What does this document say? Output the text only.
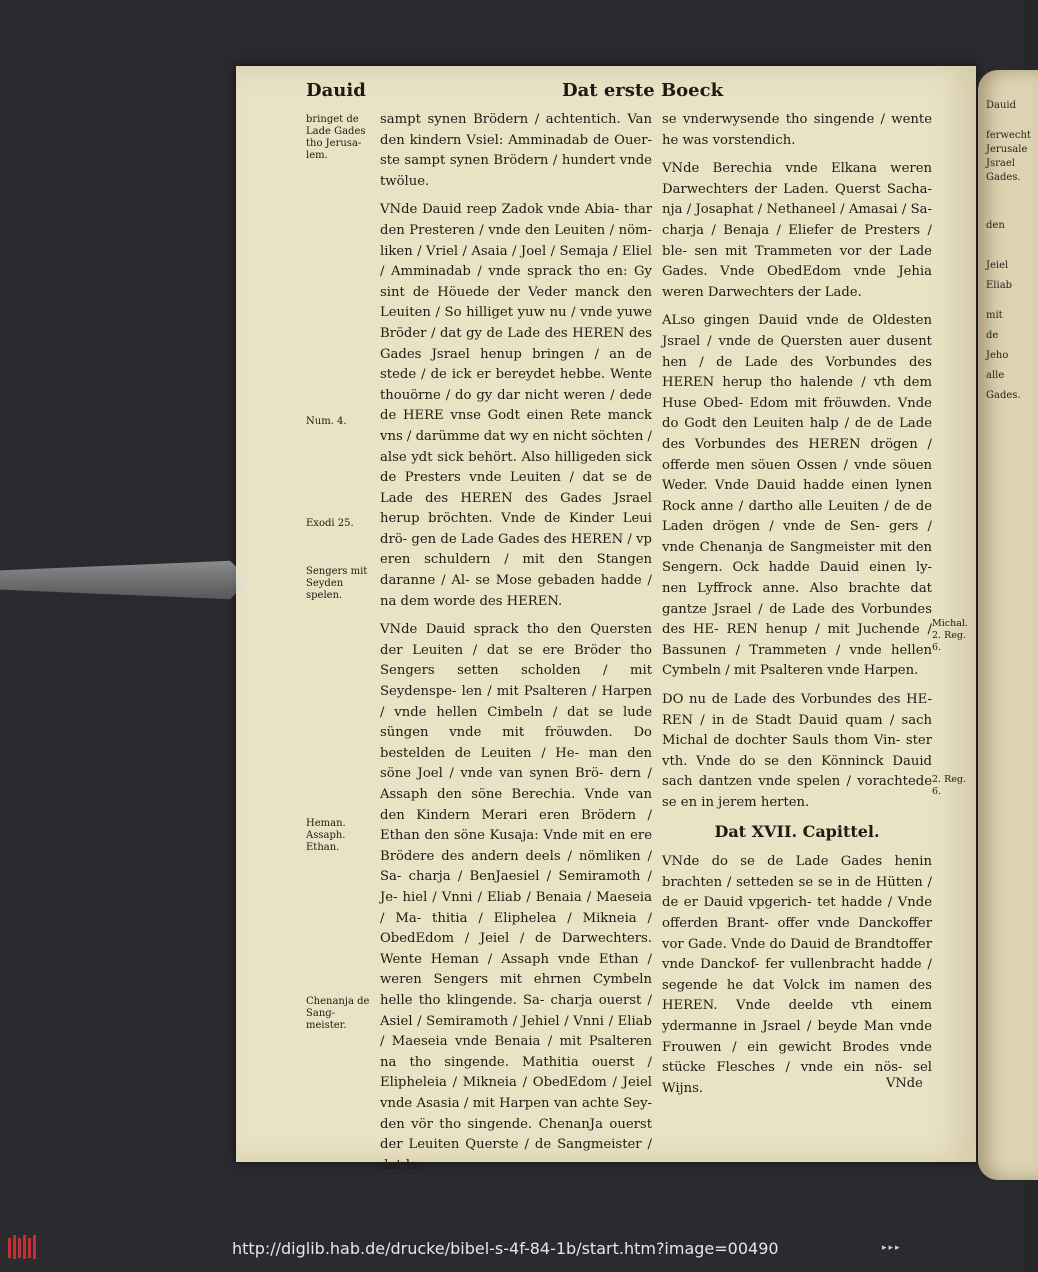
Dauid	Dat erste Boeck
bringet de Lade Gades tho Jerusa- lem.
Num. 4.
Exodi 25.
Sengers mit Seyden spelen.
Heman. Assaph. Ethan.
Chenanja de Sang- meister.

sampt synen Brödern / achtentich. Van den kindern Vsiel: Amminadab de Ouer- ste sampt synen Brödern / hundert vnde twölue.

VNde Dauid reep Zadok vnde Abia- thar den Presteren / vnde den Leuiten / nöm- liken / Vriel / Asaia / Joel / Semaja / Eliel / Amminadab / vnde sprack tho en: Gy sint de Höuede der Veder manck den Leuiten / So hilliget yuw nu / vnde yuwe Bröder / dat gy de Lade des HEREN des Gades Jsrael henup bringen / an de stede / de ick er bereydet hebbe. Wente thouörne / do gy dar nicht weren / dede de HERE vnse Godt einen Rete manck vns / darümme dat wy en nicht söchten / alse ydt sick behört. Also hilligeden sick de Presters vnde Leuiten / dat se de Lade des HEREN des Gades Jsrael herup bröchten. Vnde de Kinder Leui drö- gen de Lade Gades des HEREN / vp eren schuldern / mit den Stangen daranne / Al- se Mose gebaden hadde / na dem worde des HEREN.

VNde Dauid sprack tho den Quersten der Leuiten / dat se ere Bröder tho Sengers setten scholden / mit Seydenspe- len / mit Psalteren / Harpen / vnde hellen Cimbeln / dat se lude süngen vnde mit fröuwden. Do bestelden de Leuiten / He- man den söne Joel / vnde van synen Brö- dern / Assaph den söne Berechia. Vnde van den Kindern Merari eren Brödern / Ethan den söne Kusaja: Vnde mit en ere Brödere des andern deels / nömliken / Sa- charja / BenJaesiel / Semiramoth / Je- hiel / Vnni / Eliab / Benaia / Maeseia / Ma- thitia / Eliphelea / Mikneia / ObedEdom / Jeiel / de Darwechters. Wente Heman / Assaph vnde Ethan / weren Sengers mit ehrnen Cymbeln helle tho klingende. Sa- charja ouerst / Asiel / Semiramoth / Jehiel / Vnni / Eliab / Maeseia vnde Benaia / mit Psalteren na tho singende. Mathitia ouerst / Elipheleia / Mikneia / ObedEdom / Jeiel vnde Asasia / mit Harpen van achte Sey- den vör tho singende. ChenanJa ouerst der Leuiten Querste / de Sangmeister / dat he

se vnderwysende tho singende / wente he was vorstendich.

VNde Berechia vnde Elkana weren Darwechters der Laden. Querst Sacha- nja / Josaphat / Nethaneel / Amasai / Sa- charja / Benaja / Eliefer de Presters / ble- sen mit Trammeten vor der Lade Gades. Vnde ObedEdom vnde Jehia weren Darwechters der Lade.

ALso gingen Dauid vnde de Oldesten Jsrael / vnde de Quersten auer dusent hen / de Lade des Vorbundes des HEREN herup tho halende / vth dem Huse Obed- Edom mit fröuwden. Vnde do Godt den Leuiten halp / de de Lade des Vorbundes des HEREN drögen / offerde men söuen Ossen / vnde söuen Weder. Vnde Dauid hadde einen lynen Rock anne / dartho alle Leuiten / de de Laden drögen / vnde de Sen- gers / vnde Chenanja de Sangmeister mit den Sengern. Ock hadde Dauid einen ly- nen Lyffrock anne. Also brachte dat gantze Jsrael / de Lade des Vorbundes des HE- REN henup / mit Juchende / Bassunen / Trammeten / vnde hellen Cymbeln / mit Psalteren vnde Harpen.

DO nu de Lade des Vorbundes des HE- REN / in de Stadt Dauid quam / sach Michal de dochter Sauls thom Vin- ster vth. Vnde do se den Könninck Dauid sach dantzen vnde spelen / vorachtede se en in jerem herten.

Dat XVII. Capittel.

VNde do se de Lade Gades henin brachten / setteden se se in de Hütten / de er Dauid vpgerich- tet hadde / Vnde offerden Brant- offer vnde Danckoffer vor Gade. Vnde do Dauid de Brandtoffer vnde Danckof- fer vullenbracht hadde / segende he dat Volck im namen des HEREN. Vnde deelde vth einem ydermanne in Jsrael / beyde Man vnde Frouwen / ein gewicht Brodes vnde stücke Flesches / vnde ein nös- sel Wijns.

Michal. 2. Reg. 6.
2. Reg. 6.
VNde
Dauid
ferwecht
Jerusale
Jsrael
Gades.
den
Jeiel
Eliab
mit
de
Jeho
alle
Gades.
http://diglib.hab.de/drucke/bibel-s-4f-84-1b/start.htm?image=00490	▸▸▸
